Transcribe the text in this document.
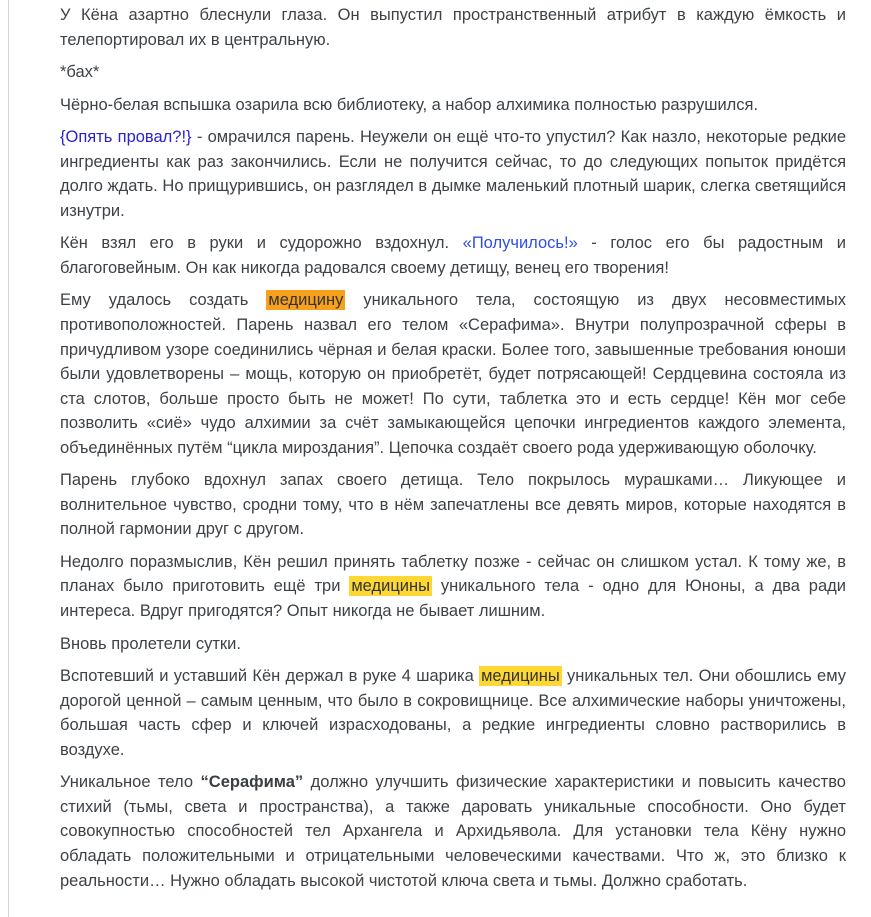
У Кёна азартно блеснули глаза. Он выпустил пространственный атрибут в каждую ёмкость и телепортировал их в центральную.

*бах*

Чёрно-белая вспышка озарила всю библиотеку, а набор алхимика полностью разрушился.

{Опять провал?!} - омрачился парень. Неужели он ещё что-то упустил? Как назло, некоторые редкие ингредиенты как раз закончились. Если не получится сейчас, то до следующих попыток придётся долго ждать. Но прищурившись, он разглядел в дымке маленький плотный шарик, слегка светящийся изнутри.

Кён взял его в руки и судорожно вздохнул. «Получилось!» - голос его бы радостным и благоговейным. Он как никогда радовался своему детищу, венец его творения!

Ему удалось создать медицину уникального тела, состоящую из двух несовместимых противоположностей. Парень назвал его телом «Серафима». Внутри полупрозрачной сферы в причудливом узоре соединились чёрная и белая краски. Более того, завышенные требования юноши были удовлетворены – мощь, которую он приобретёт, будет потрясающей! Сердцевина состояла из ста слотов, больше просто быть не может! По сути, таблетка это и есть сердце! Кён мог себе позволить «сиё» чудо алхимии за счёт замыкающейся цепочки ингредиентов каждого элемента, объединённых путём “цикла мироздания”. Цепочка создаёт своего рода удерживающую оболочку.

Парень глубоко вдохнул запах своего детища. Тело покрылось мурашками… Ликующее и волнительное чувство, сродни тому, что в нём запечатлены все девять миров, которые находятся в полной гармонии друг с другом.

Недолго поразмыслив, Кён решил принять таблетку позже - сейчас он слишком устал. К тому же, в планах было приготовить ещё три медицины уникального тела - одно для Юноны, а два ради интереса. Вдруг пригодятся? Опыт никогда не бывает лишним.

Вновь пролетели сутки.

Вспотевший и уставший Кён держал в руке 4 шарика медицины уникальных тел. Они обошлись ему дорогой ценной – самым ценным, что было в сокровищнице. Все алхимические наборы уничтожены, большая часть сфер и ключей израсходованы, а редкие ингредиенты словно растворились в воздухе.

Уникальное тело “Серафима” должно улучшить физические характеристики и повысить качество стихий (тьмы, света и пространства), а также даровать уникальные способности. Оно будет совокупностью способностей тел Архангела и Архидьявола. Для установки тела Кёну нужно обладать положительными и отрицательными человеческими качествами. Что ж, это близко к реальности… Нужно обладать высокой чистотой ключа света и тьмы. Должно сработать.
